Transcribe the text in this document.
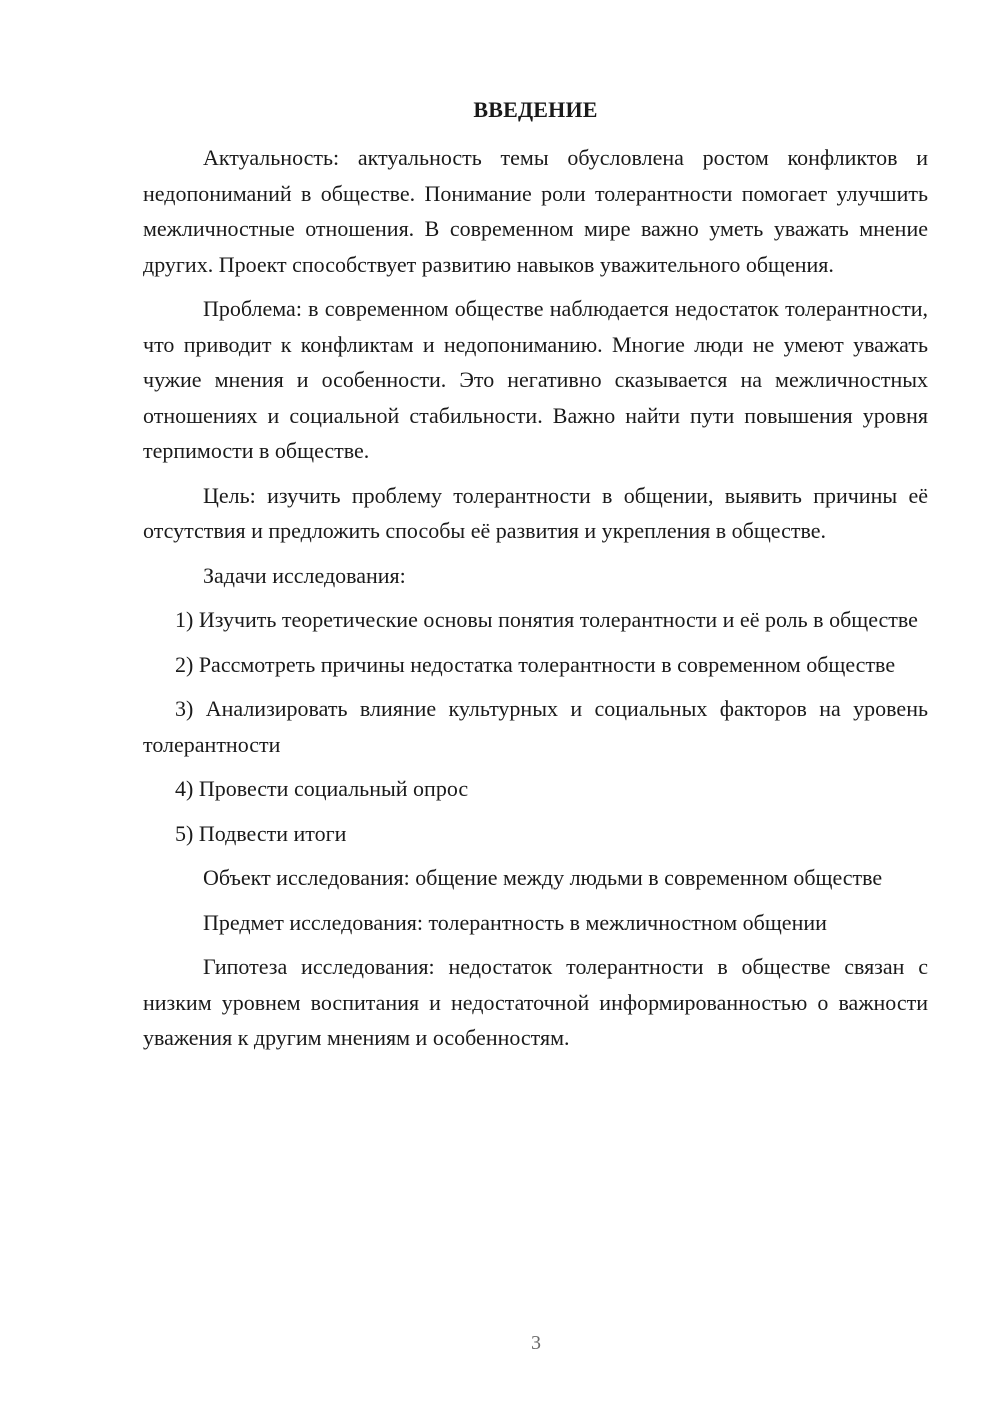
ВВЕДЕНИЕ

Актуальность: актуальность темы обусловлена ростом конфликтов и недопониманий в обществе. Понимание роли толерантности помогает улучшить межличностные отношения. В современном мире важно уметь уважать мнение других. Проект способствует развитию навыков уважительного общения.

Проблема: в современном обществе наблюдается недостаток толерантности, что приводит к конфликтам и недопониманию. Многие люди не умеют уважать чужие мнения и особенности. Это негативно сказывается на межличностных отношениях и социальной стабильности. Важно найти пути повышения уровня терпимости в обществе.

Цель: изучить проблему толерантности в общении, выявить причины её отсутствия и предложить способы её развития и укрепления в обществе.

Задачи исследования:

1) Изучить теоретические основы понятия толерантности и её роль в обществе

2) Рассмотреть причины недостатка толерантности в современном обществе

3) Анализировать влияние культурных и социальных факторов на уровень толерантности

4) Провести социальный опрос

5) Подвести итоги

Объект исследования: общение между людьми в современном обществе

Предмет исследования: толерантность в межличностном общении

Гипотеза исследования: недостаток толерантности в обществе связан с низким уровнем воспитания и недостаточной информированностью о важности уважения к другим мнениям и особенностям.

3
